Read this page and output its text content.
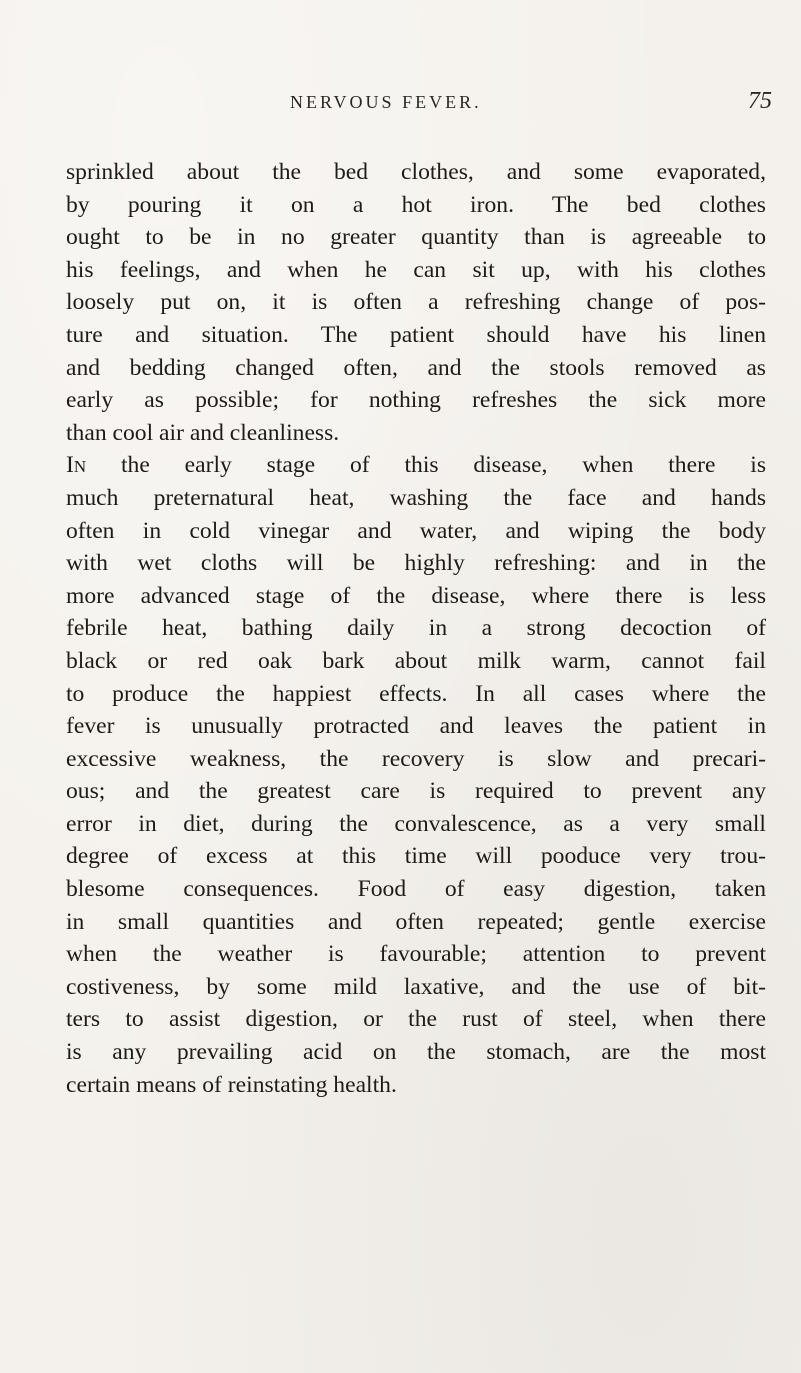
NERVOUS FEVER.	75
sprinkled about the bed clothes, and some evaporated,
by pouring it on a hot iron. The bed clothes
ought to be in no greater quantity than is agreeable to
his feelings, and when he can sit up, with his clothes
loosely put on, it is often a refreshing change of pos-
ture and situation. The patient should have his linen
and bedding changed often, and the stools removed as
early as possible; for nothing refreshes the sick more
than cool air and cleanliness.
In the early stage of this disease, when there is
much preternatural heat, washing the face and hands
often in cold vinegar and water, and wiping the body
with wet cloths will be highly refreshing: and in the
more advanced stage of the disease, where there is less
febrile heat, bathing daily in a strong decoction of
black or red oak bark about milk warm, cannot fail
to produce the happiest effects. In all cases where the
fever is unusually protracted and leaves the patient in
excessive weakness, the recovery is slow and precari-
ous; and the greatest care is required to prevent any
error in diet, during the convalescence, as a very small
degree of excess at this time will pooduce very trou-
blesome consequences. Food of easy digestion, taken
in small quantities and often repeated; gentle exercise
when the weather is favourable; attention to prevent
costiveness, by some mild laxative, and the use of bit-
ters to assist digestion, or the rust of steel, when there
is any prevailing acid on the stomach, are the most
certain means of reinstating health.
